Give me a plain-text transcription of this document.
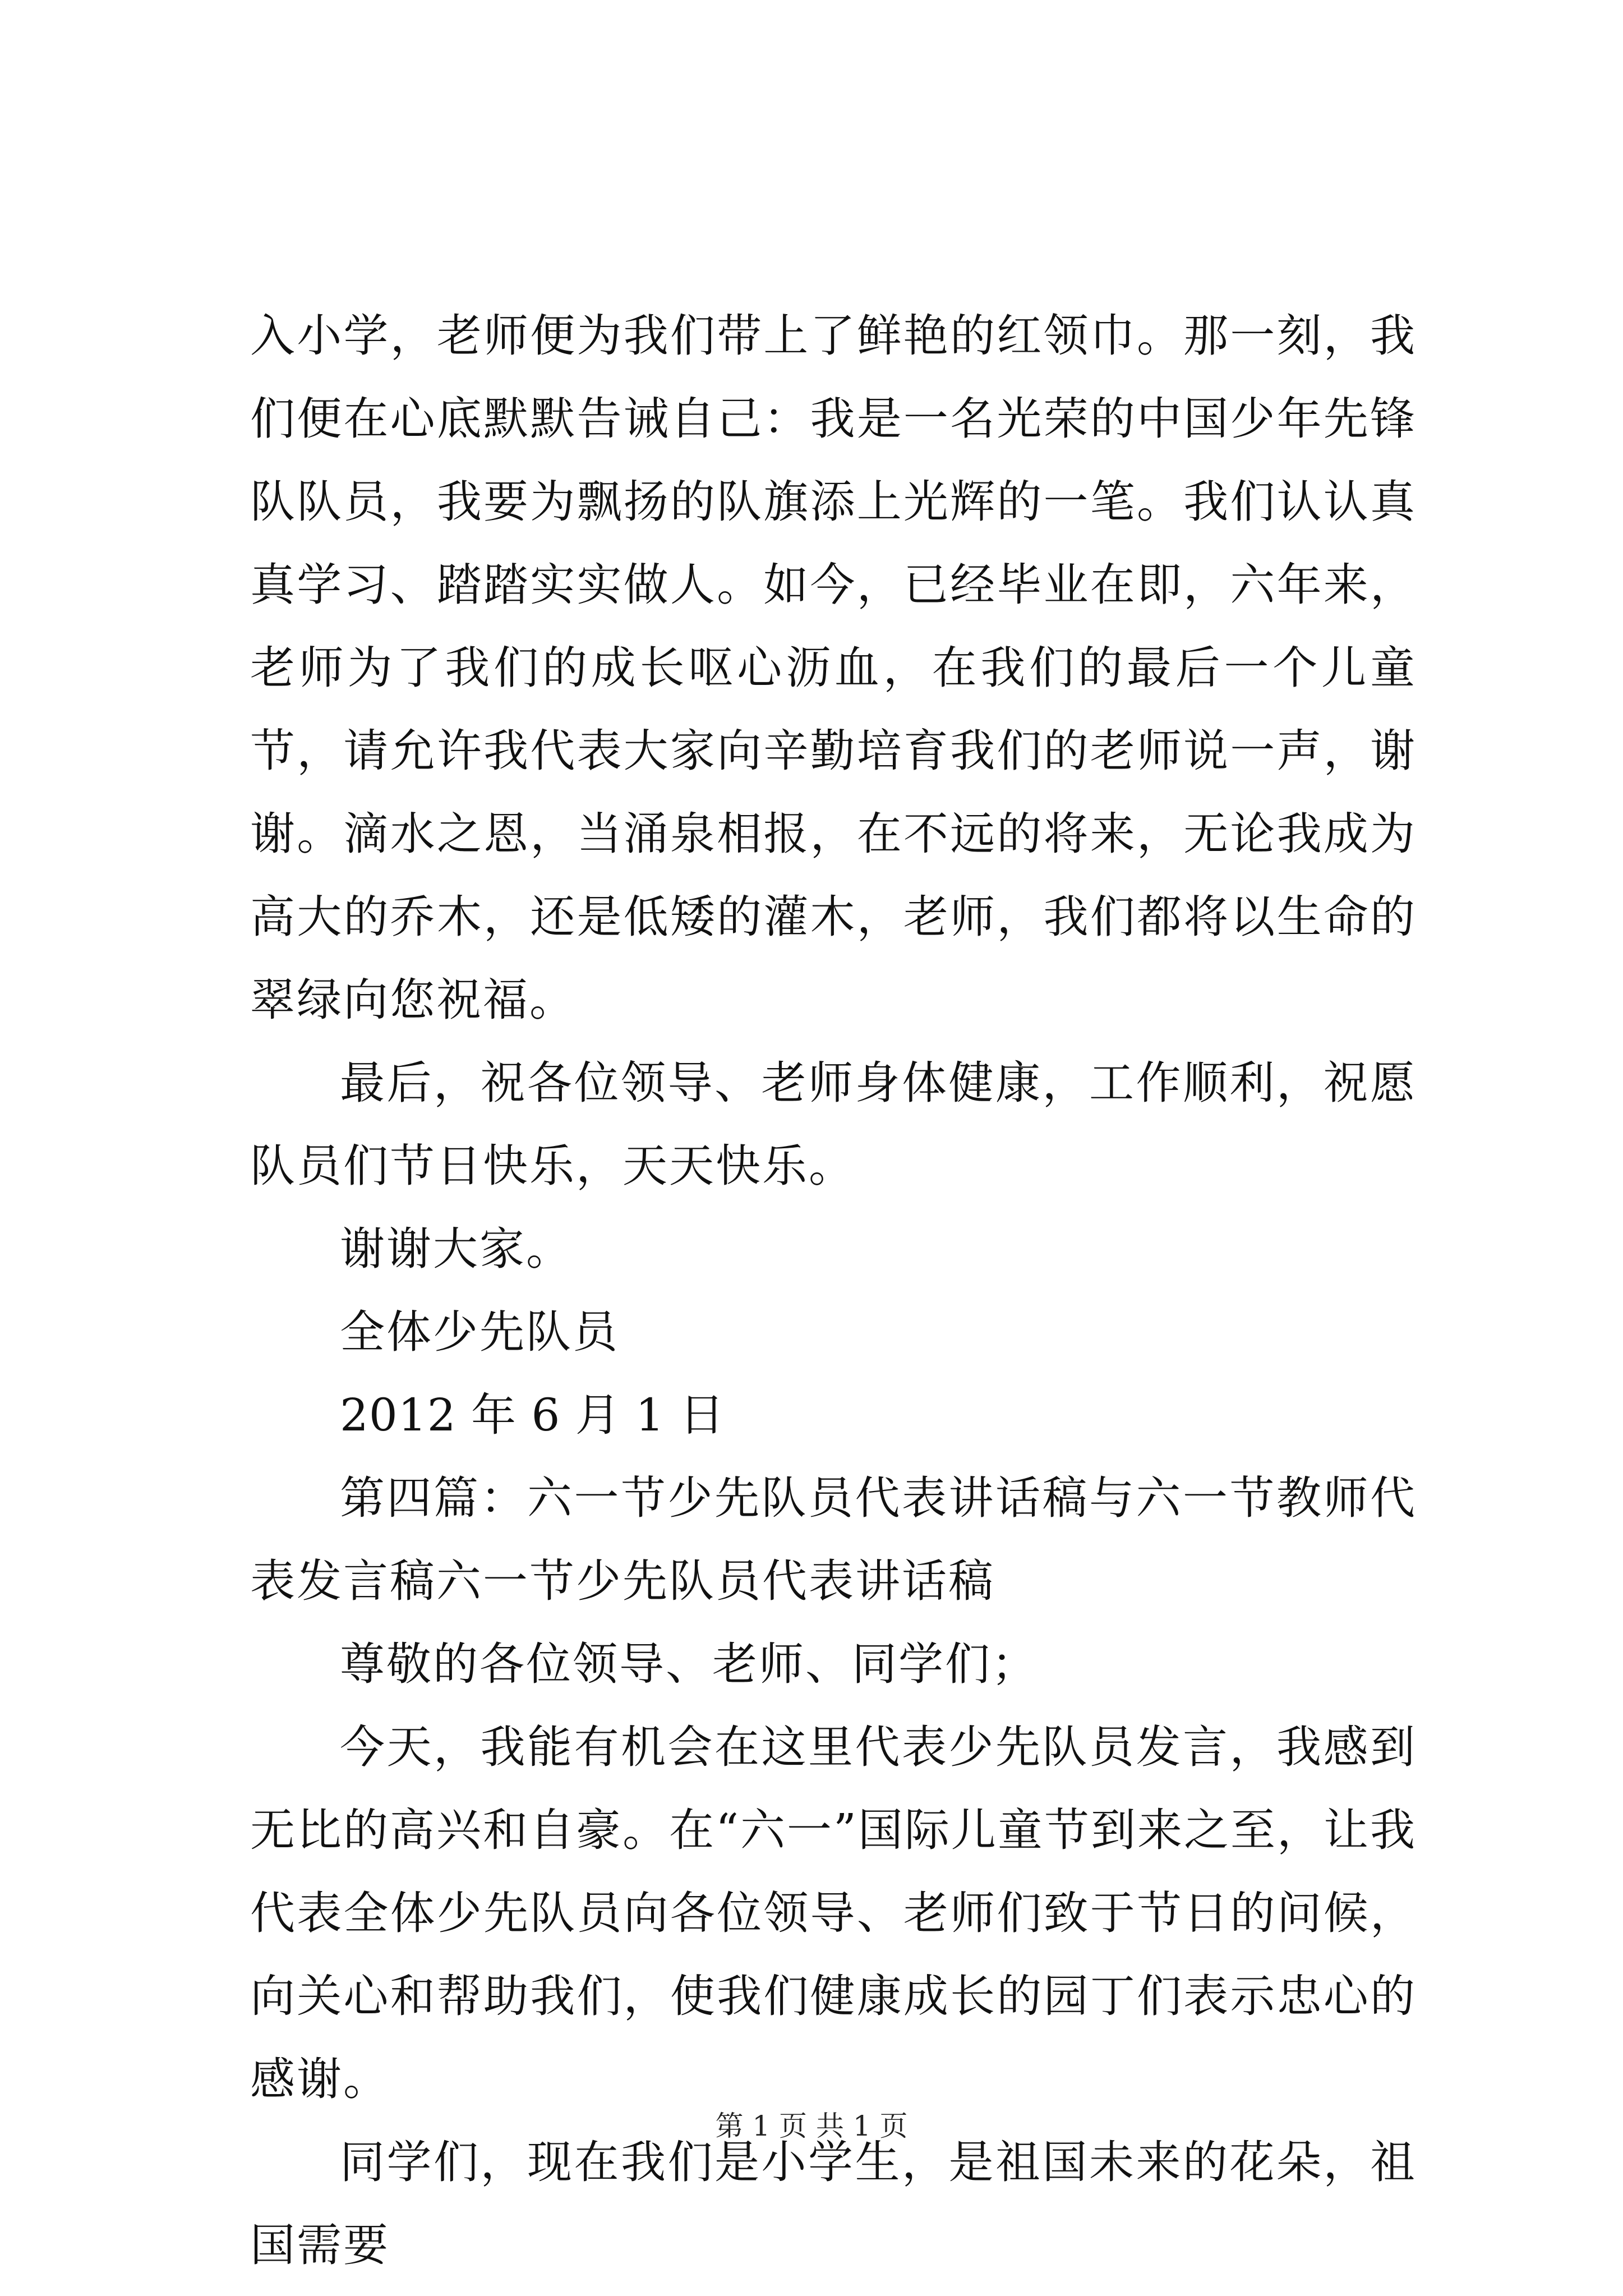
入小学，老师便为我们带上了鲜艳的红领巾。那一刻，我们便在心底默默告诫自己：我是一名光荣的中国少年先锋队队员，我要为飘扬的队旗添上光辉的一笔。我们认认真真学习、踏踏实实做人。如今，已经毕业在即，六年来，老师为了我们的成长呕心沥血，在我们的最后一个儿童节，请允许我代表大家向辛勤培育我们的老师说一声，谢谢。滴水之恩，当涌泉相报，在不远的将来，无论我成为高大的乔木，还是低矮的灌木，老师，我们都将以生命的翠绿向您祝福。

最后，祝各位领导、老师身体健康，工作顺利，祝愿队员们节日快乐，天天快乐。

谢谢大家。

全体少先队员

2012 年 6 月 1 日

第四篇：六一节少先队员代表讲话稿与六一节教师代表发言稿六一节少先队员代表讲话稿

尊敬的各位领导、老师、同学们；

今天，我能有机会在这里代表少先队员发言，我感到无比的高兴和自豪。在“六一”国际儿童节到来之至，让我代表全体少先队员向各位领导、老师们致于节日的问候，向关心和帮助我们，使我们健康成长的园丁们表示忠心的感谢。

同学们，现在我们是小学生，是祖国未来的花朵，祖国需要

第 1 页 共 1 页
